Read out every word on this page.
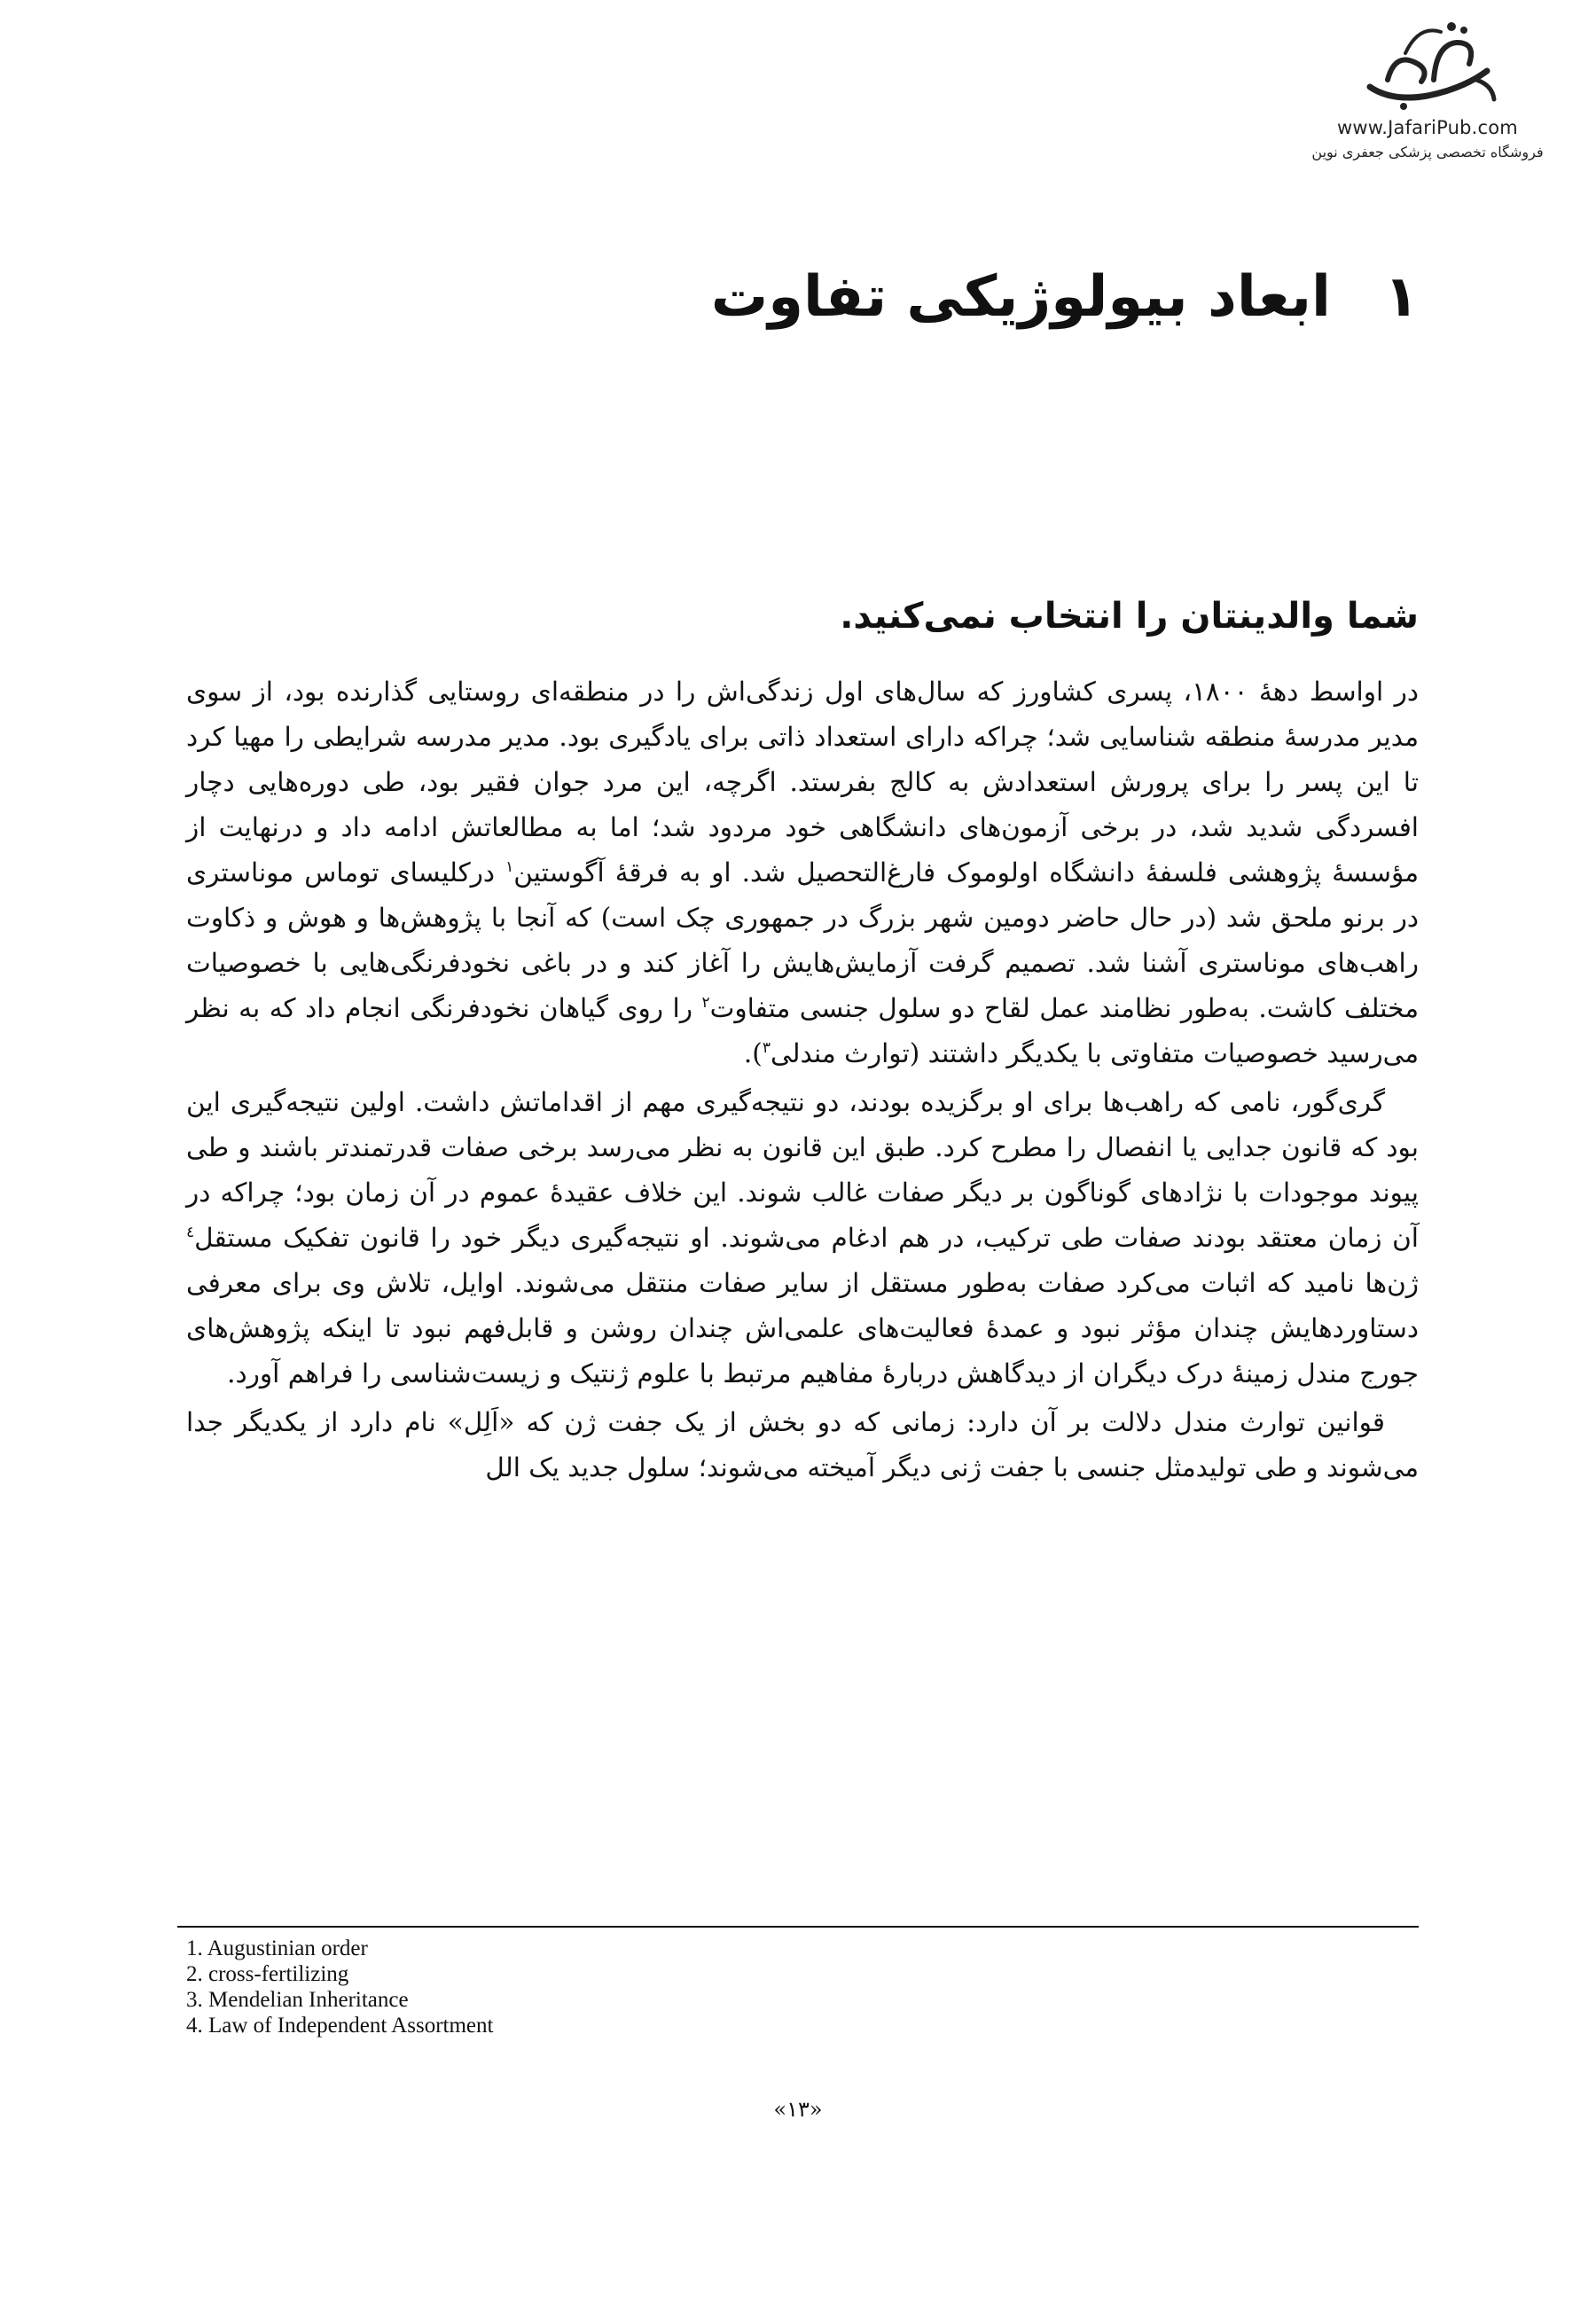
www.JafariPub.com
فروشگاه تخصصی پزشکی جعفری نوین
١ابعاد بیولوژیکی تفاوت
شما والدینتان را انتخاب نمی‌کنید.

در اواسط دهۀ ۱۸۰۰، پسری کشاورز که سال‌های اول زندگی‌اش را در منطقه‌ای روستایی گذارنده بود، از سوی مدیر مدرسۀ منطقه شناسایی شد؛ چراکه دارای استعداد ذاتی برای یادگیری بود. مدیر مدرسه شرایطی را مهیا کرد تا این پسر را برای پرورش استعدادش به کالج بفرستد. اگرچه، این مرد جوان فقیر بود، طی دوره‌هایی دچار افسردگی شدید شد، در برخی آزمون‌های دانشگاهی خود مردود شد؛ اما به مطالعاتش ادامه داد و درنهایت از مؤسسۀ پژوهشی فلسفۀ دانشگاه اولوموک فارغ‌التحصیل شد. او به فرقۀ آگوستین$^١$ درکلیسای توماس موناستری در برنو ملحق شد (در حال حاضر دومین شهر بزرگ در جمهوری چک است) که آنجا با پژوهش‌ها و هوش و ذکاوت راهب‌های موناستری آشنا شد. تصمیم گرفت آزمایش‌هایش را آغاز کند و در باغی نخودفرنگی‌هایی با خصوصیات مختلف کاشت. به‌طور نظامند عمل لقاح دو سلول جنسی متفاوت$^٢$ را روی گیاهان نخودفرنگی انجام داد که به نظر می‌رسید خصوصیات متفاوتی با یکدیگر داشتند (توارث مندلی$^٣$).

گری‌گور، نامی که راهب‌ها برای او برگزیده بودند، دو نتیجه‌گیری مهم از اقداماتش داشت. اولین نتیجه‌گیری این بود که قانون جدایی یا انفصال را مطرح کرد. طبق این قانون به نظر می‌رسد برخی صفات قدرتمندتر باشند و طی پیوند موجودات با نژادهای گوناگون بر دیگر صفات غالب شوند. این خلاف عقیدۀ عموم در آن زمان بود؛ چراکه در آن زمان معتقد بودند صفات طی ترکیب، در هم ادغام می‌شوند. او نتیجه‌گیری دیگر خود را قانون تفکیک مستقل$^٤$ ژن‌ها نامید که اثبات می‌کرد صفات به‌طور مستقل از سایر صفات منتقل می‌شوند. اوایل، تلاش وی برای معرفی دستاوردهایش چندان مؤثر نبود و عمدۀ فعالیت‌های علمی‌اش چندان روشن و قابل‌فهم نبود تا اینکه پژوهش‌های جورج مندل زمینۀ درک دیگران از دیدگاهش دربارۀ مفاهیم مرتبط با علوم ژنتیک و زیست‌شناسی را فراهم آورد.

قوانین توارث مندل دلالت بر آن دارد: زمانی که دو بخش از یک جفت ژن که «اَلِل» نام دارد از یکدیگر جدا می‌شوند و طی تولیدمثل جنسی با جفت ژنی دیگر آمیخته می‌شوند؛ سلول جدید یک الل

1. Augustinian order
2. cross-fertilizing
3. Mendelian Inheritance
4. Law of Independent Assortment
«۱۳»
